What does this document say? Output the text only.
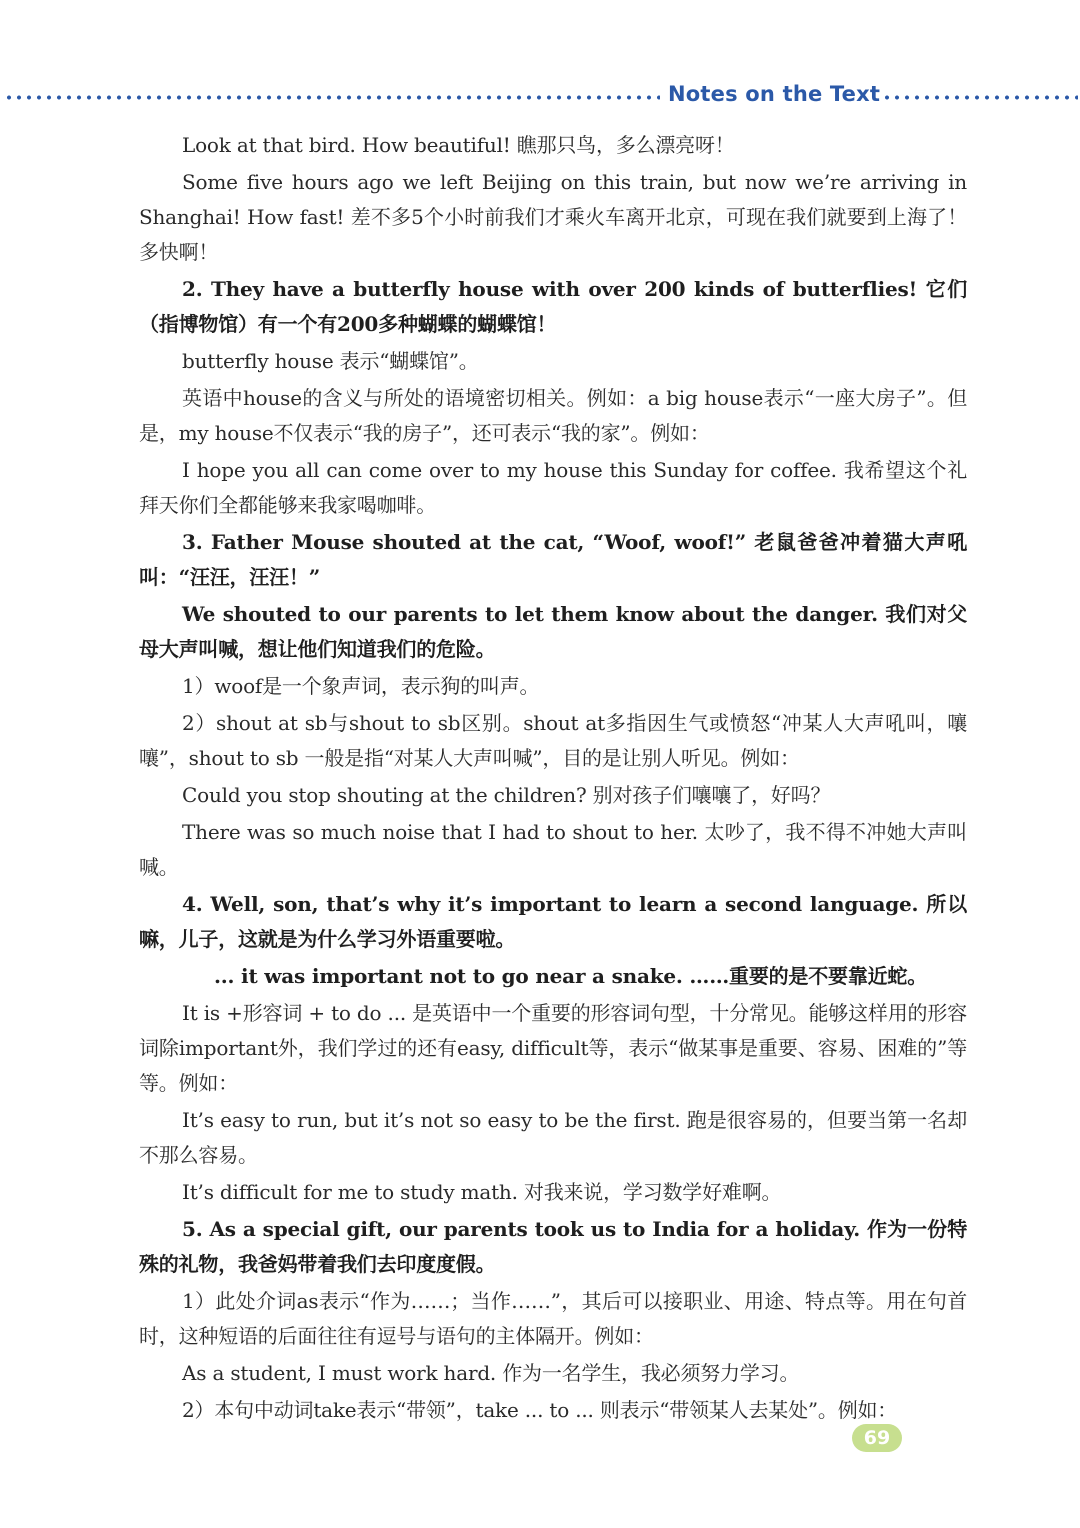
Notes on the Text

Look at that bird. How beautiful! 瞧那只鸟，多么漂亮呀！

Some five hours ago we left Beijing on this train, but now we’re arriving in Shanghai! How fast! 差不多5个小时前我们才乘火车离开北京，可现在我们就要到上海了！多快啊！

2. They have a butterfly house with over 200 kinds of butterflies! 它们（指博物馆）有一个有200多种蝴蝶的蝴蝶馆！

butterfly house 表示“蝴蝶馆”。

英语中house的含义与所处的语境密切相关。例如：a big house表示“一座大房子”。但是，my house不仅表示“我的房子”，还可表示“我的家”。例如：

I hope you all can come over to my house this Sunday for coffee. 我希望这个礼拜天你们全都能够来我家喝咖啡。

3. Father Mouse shouted at the cat, “Woof, woof!” 老鼠爸爸冲着猫大声吼叫：“汪汪，汪汪！”

We shouted to our parents to let them know about the danger. 我们对父母大声叫喊，想让他们知道我们的危险。

1）woof是一个象声词，表示狗的叫声。

2）shout at sb与shout to sb区别。shout at多指因生气或愤怒“冲某人大声吼叫，嚷嚷”，shout to sb 一般是指“对某人大声叫喊”，目的是让别人听见。例如：

Could you stop shouting at the children? 别对孩子们嚷嚷了，好吗？

There was so much noise that I had to shout to her. 太吵了，我不得不冲她大声叫喊。

4. Well, son, that’s why it’s important to learn a second language. 所以嘛，儿子，这就是为什么学习外语重要啦。

... it was important not to go near a snake. ……重要的是不要靠近蛇。

It is +形容词 + to do ... 是英语中一个重要的形容词句型，十分常见。能够这样用的形容词除important外，我们学过的还有easy, difficult等，表示“做某事是重要、容易、困难的”等等。例如：

It’s easy to run, but it’s not so easy to be the first. 跑是很容易的，但要当第一名却不那么容易。

It’s difficult for me to study math. 对我来说，学习数学好难啊。

5. As a special gift, our parents took us to India for a holiday. 作为一份特殊的礼物，我爸妈带着我们去印度度假。

1）此处介词as表示“作为……；当作……”，其后可以接职业、用途、特点等。用在句首时，这种短语的后面往往有逗号与语句的主体隔开。例如：

As a student, I must work hard. 作为一名学生，我必须努力学习。

2）本句中动词take表示“带领”，take ... to ... 则表示“带领某人去某处”。例如：

69
